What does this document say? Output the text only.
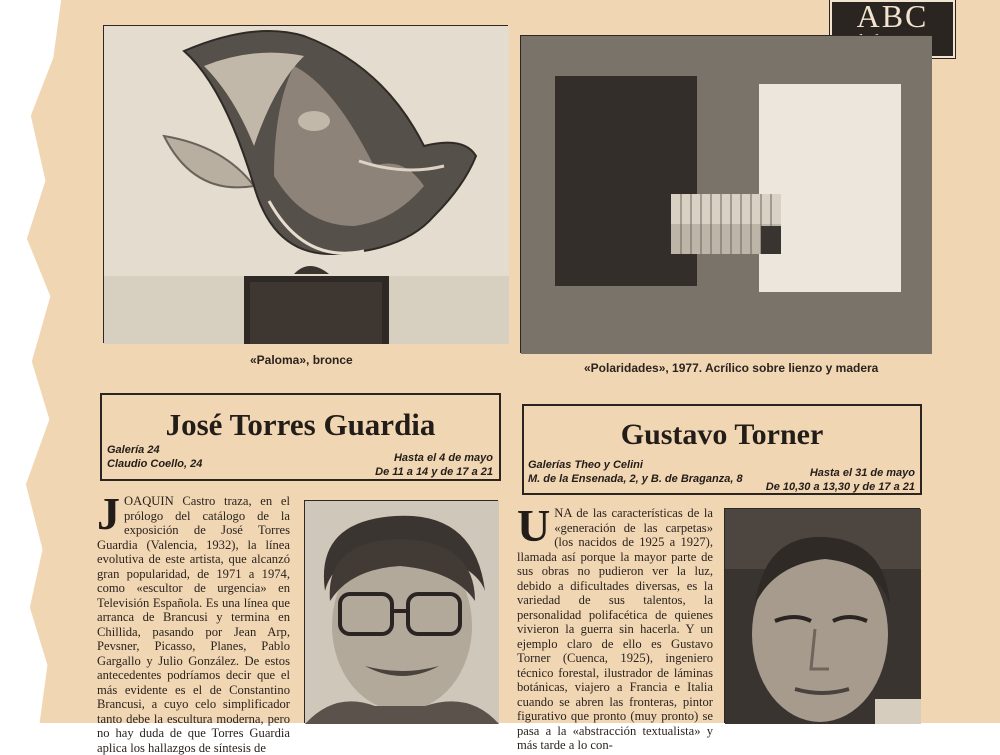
ABC
«Paloma», bronce
«Polaridades», 1977. Acrílico sobre lienzo y madera
José Torres Guardia
Galería 24
Claudio Coello, 24	Hasta el 4 de mayo
De 11 a 14 y de 17 a 21
Gustavo Torner
Galerías Theo y Celini
M. de la Ensenada, 2, y B. de Braganza, 8	Hasta el 31 de mayo
De 10,30 a 13,30 y de 17 a 21
JOAQUIN Castro traza, en el prólogo del catálogo de la exposición de José Torres Guardia (Valencia, 1932), la línea evolutiva de este artista, que alcanzó gran popularidad, de 1971 a 1974, como «escultor de urgencia» en Televisión Española. Es una línea que arranca de Brancusi y termina en Chillida, pasando por Jean Arp, Pevsner, Picasso, Planes, Pablo Gargallo y Julio González. De estos antecedentes podríamos decir que el más evidente es el de Constantino Brancusi, a cuyo celo simplificador tanto debe la escultura moderna, pero no hay duda de que Torres Guardia aplica los hallazgos de síntesis de
UNA de las características de la «generación de las carpetas» (los nacidos de 1925 a 1927), llamada así porque la mayor parte de sus obras no pudieron ver la luz, debido a dificultades diversas, es la variedad de sus talentos, la personalidad polifacética de quienes vivieron la guerra sin hacerla. Y un ejemplo claro de ello es Gustavo Torner (Cuenca, 1925), ingeniero técnico forestal, ilustrador de láminas botánicas, viajero a Francia e Italia cuando se abren las fronteras, pintor figurativo que pronto (muy pronto) se pasa a la «abstracción textualista» y más tarde a lo con-
